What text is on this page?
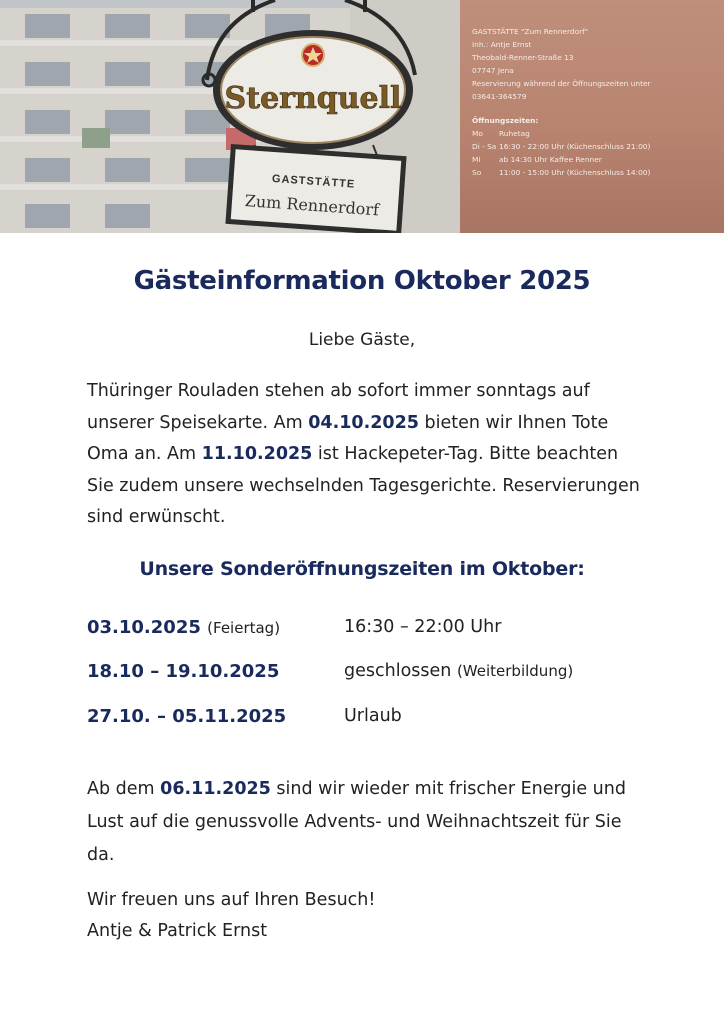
Sternquell
GASTSTÄTTE
Zum Rennerdorf
GASTSTÄTTE "Zum Rennerdorf"
Inh.: Antje Ernst
Theobald-Renner-Straße 13
07747 Jena
Reservierung während der Öffnungszeiten unter
03641-364579
Öffnungszeiten:
Mo	Ruhetag
Di - Sa 16:30 - 22:00 Uhr (Küchenschluss 21:00)
Mi	ab 14:30 Uhr Kaffee Renner
So	11:00 - 15:00 Uhr (Küchenschluss 14:00)
Gästeinformation Oktober 2025
Liebe Gäste,
Thüringer Rouladen stehen ab sofort immer sonntags auf unserer Speisekarte. Am 04.10.2025 bieten wir Ihnen Tote Oma an. Am 11.10.2025 ist Hackepeter-Tag. Bitte beachten Sie zudem unsere wechselnden Tagesgerichte. Reservierungen sind erwünscht.
Unsere Sonderöffnungszeiten im Oktober:
03.10.2025 (Feiertag)	16:30 – 22:00 Uhr
18.10 – 19.10.2025	geschlossen (Weiterbildung)
27.10. – 05.11.2025	Urlaub
Ab dem 06.11.2025 sind wir wieder mit frischer Energie und Lust auf die genussvolle Advents- und Weihnachtszeit für Sie da.
Wir freuen uns auf Ihren Besuch!
Antje & Patrick Ernst
